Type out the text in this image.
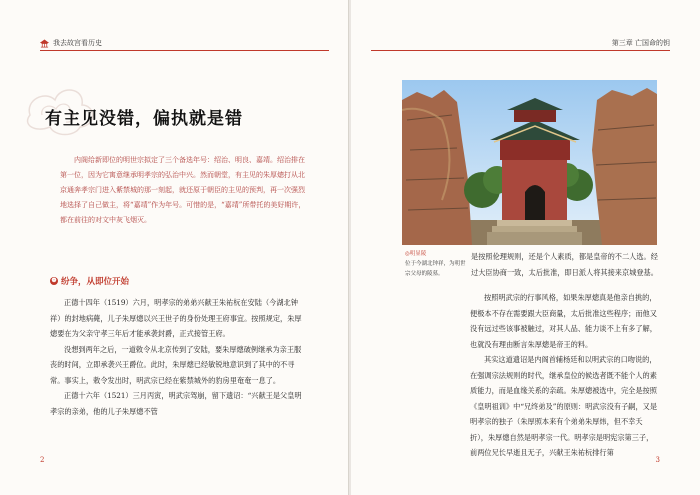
我去故宫看历史
有主见没错，偏执就是错
内阁给新即位的明世宗拟定了三个备选年号：绍治、明良、嘉靖。绍治排在第一位，因为它寓意继承明孝宗的弘治中兴。然而朝堂，有主见的朱厚熜打从北京通奔孝宗门进入紫禁城的那一刻起，就还原于朝臣的主见的预判，再一次强烈地选择了自己做主，将“嘉靖”作为年号。可惜的是，“嘉靖”所带托的美好期许，都在前往的对文中灰飞烟灭。
❁ 纷争，从即位开始

正德十四年（1519）六月，明孝宗的弟弟兴献王朱祐杬在安陆（今湖北钟祥）的封地病薨，儿子朱厚熜以兴王世子的身份处理王府事宜。按照规定，朱厚熜要在为父亲守孝三年后才能承袭封爵，正式接管王府。

没想到两年之后，一道敕令从北京传到了安陆，要朱厚熜破例继承为亲王服丧的时间，立即承袭兴王爵位。此时，朱厚熜已经敏锐地意识到了其中的不寻常。事实上，敕令发出时，明武宗已经在紫禁城外的豹房里奄奄一息了。

正德十六年（1521）三月丙寅，明武宗驾崩，留下遗诏：“兴献王是父皇明孝宗的亲弟，他的儿子朱厚熜不管

2
第三章 亡国命的钥
3
◎明显陵
位于今湖北钟祥，为明世宗父母的陵墓。

是按照伦理规则，还是个人素质，都是皇帝的不二人选。经过大臣协商一致，太后批准，即日派人将其接来京城登基。

按照明武宗的行事风格，如果朱厚熜真是他亲自挑的，便极本不存在需要跟大臣商量，太后批准这些程序；而他又没有远过些该事被触过，对其人品、能力谈不上有多了解，也就没有理由断言朱厚熜是帝王的料。

其实这道遗诏是内阁首辅杨廷和以明武宗的口吻说的，在强调宗法规则的时代，继承皇位的候选者既不能个人的素质能力，而是血缘关系的亲疏。朱厚熜被选中，完全是按照《皇明祖训》中“兄终弟及”的原则：明武宗没有子嗣，又是明孝宗的独子（朱厚照本来有个弟弟朱厚炜，但不幸夭折），朱厚熜自然是明孝宗一代。明孝宗是明宪宗第三子，前两位兄长早逝且无子，兴献王朱祐杬排行第
